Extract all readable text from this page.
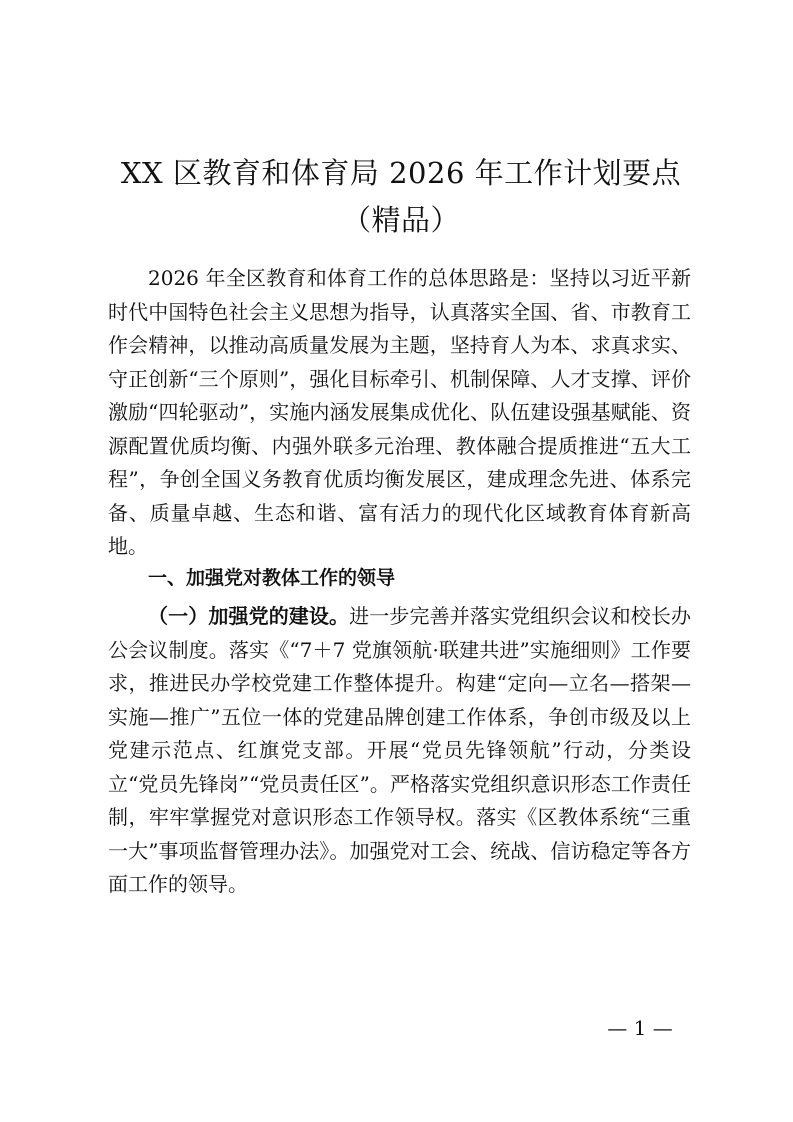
XX 区教育和体育局 2026 年工作计划要点（精品）

2026 年全区教育和体育工作的总体思路是：坚持以习近平新时代中国特色社会主义思想为指导，认真落实全国、省、市教育工作会精神，以推动高质量发展为主题，坚持育人为本、求真求实、守正创新“三个原则”，强化目标牵引、机制保障、人才支撑、评价激励“四轮驱动”，实施内涵发展集成优化、队伍建设强基赋能、资源配置优质均衡、内强外联多元治理、教体融合提质推进“五大工程”，争创全国义务教育优质均衡发展区，建成理念先进、体系完备、质量卓越、生态和谐、富有活力的现代化区域教育体育新高地。

一、加强党对教体工作的领导

（一）加强党的建设。进一步完善并落实党组织会议和校长办公会议制度。落实《“7＋7 党旗领航·联建共进”实施细则》工作要求，推进民办学校党建工作整体提升。构建“定向—立名—搭架—实施—推广”五位一体的党建品牌创建工作体系，争创市级及以上党建示范点、红旗党支部。开展“党员先锋领航”行动，分类设立“党员先锋岗”“党员责任区”。严格落实党组织意识形态工作责任制，牢牢掌握党对意识形态工作领导权。落实《区教体系统“三重一大”事项监督管理办法》。加强党对工会、统战、信访稳定等各方面工作的领导。

— 1 —
